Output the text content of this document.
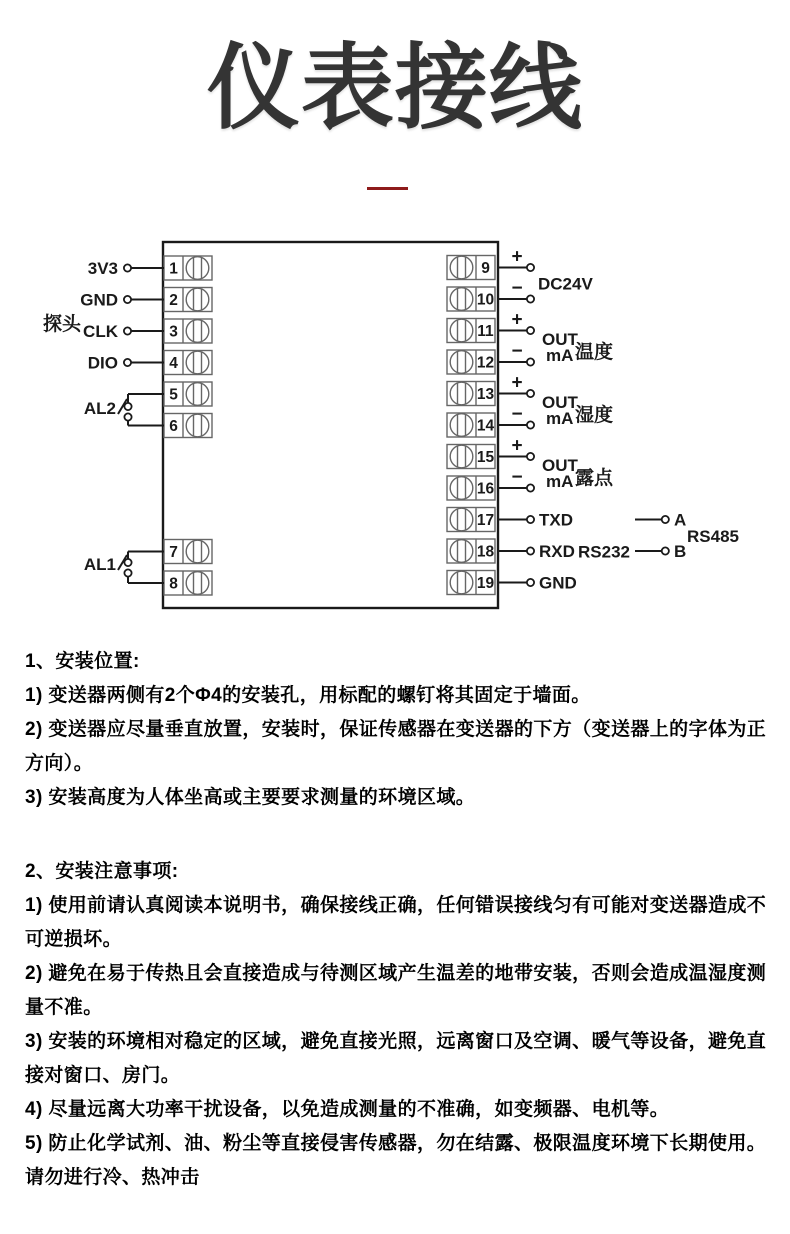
仪表接线
1
2
3
4
5
6
7
8
9
10
11
12
13
14
15
16
17
18
19
3V3
GND
CLK
DIO
探头
AL2
AL1
+
−
+
−
+
−
+
−
DC24V
OUT
mA 温度
OUT
mA 湿度
OUT
mA 露点
TXD
RXD
GND
RS232
A
B
RS485
1、安装位置:
1) 变送器两侧有2个Φ4的安装孔，用标配的螺钉将其固定于墙面。
2) 变送器应尽量垂直放置，安装时，保证传感器在变送器的下方（变送器上的字体为正方向）。
3) 安装高度为人体坐高或主要要求测量的环境区域。
2、安装注意事项:
1) 使用前请认真阅读本说明书，确保接线正确，任何错误接线匀有可能对变送器造成不可逆损坏。
2) 避免在易于传热且会直接造成与待测区域产生温差的地带安装，否则会造成温湿度测量不准。
3) 安装的环境相对稳定的区域，避免直接光照，远离窗口及空调、暖气等设备，避免直接对窗口、房门。
4) 尽量远离大功率干扰设备，以免造成测量的不准确，如变频器、电机等。
5) 防止化学试剂、油、粉尘等直接侵害传感器，勿在结露、极限温度环境下长期使用。请勿进行冷、热冲击
